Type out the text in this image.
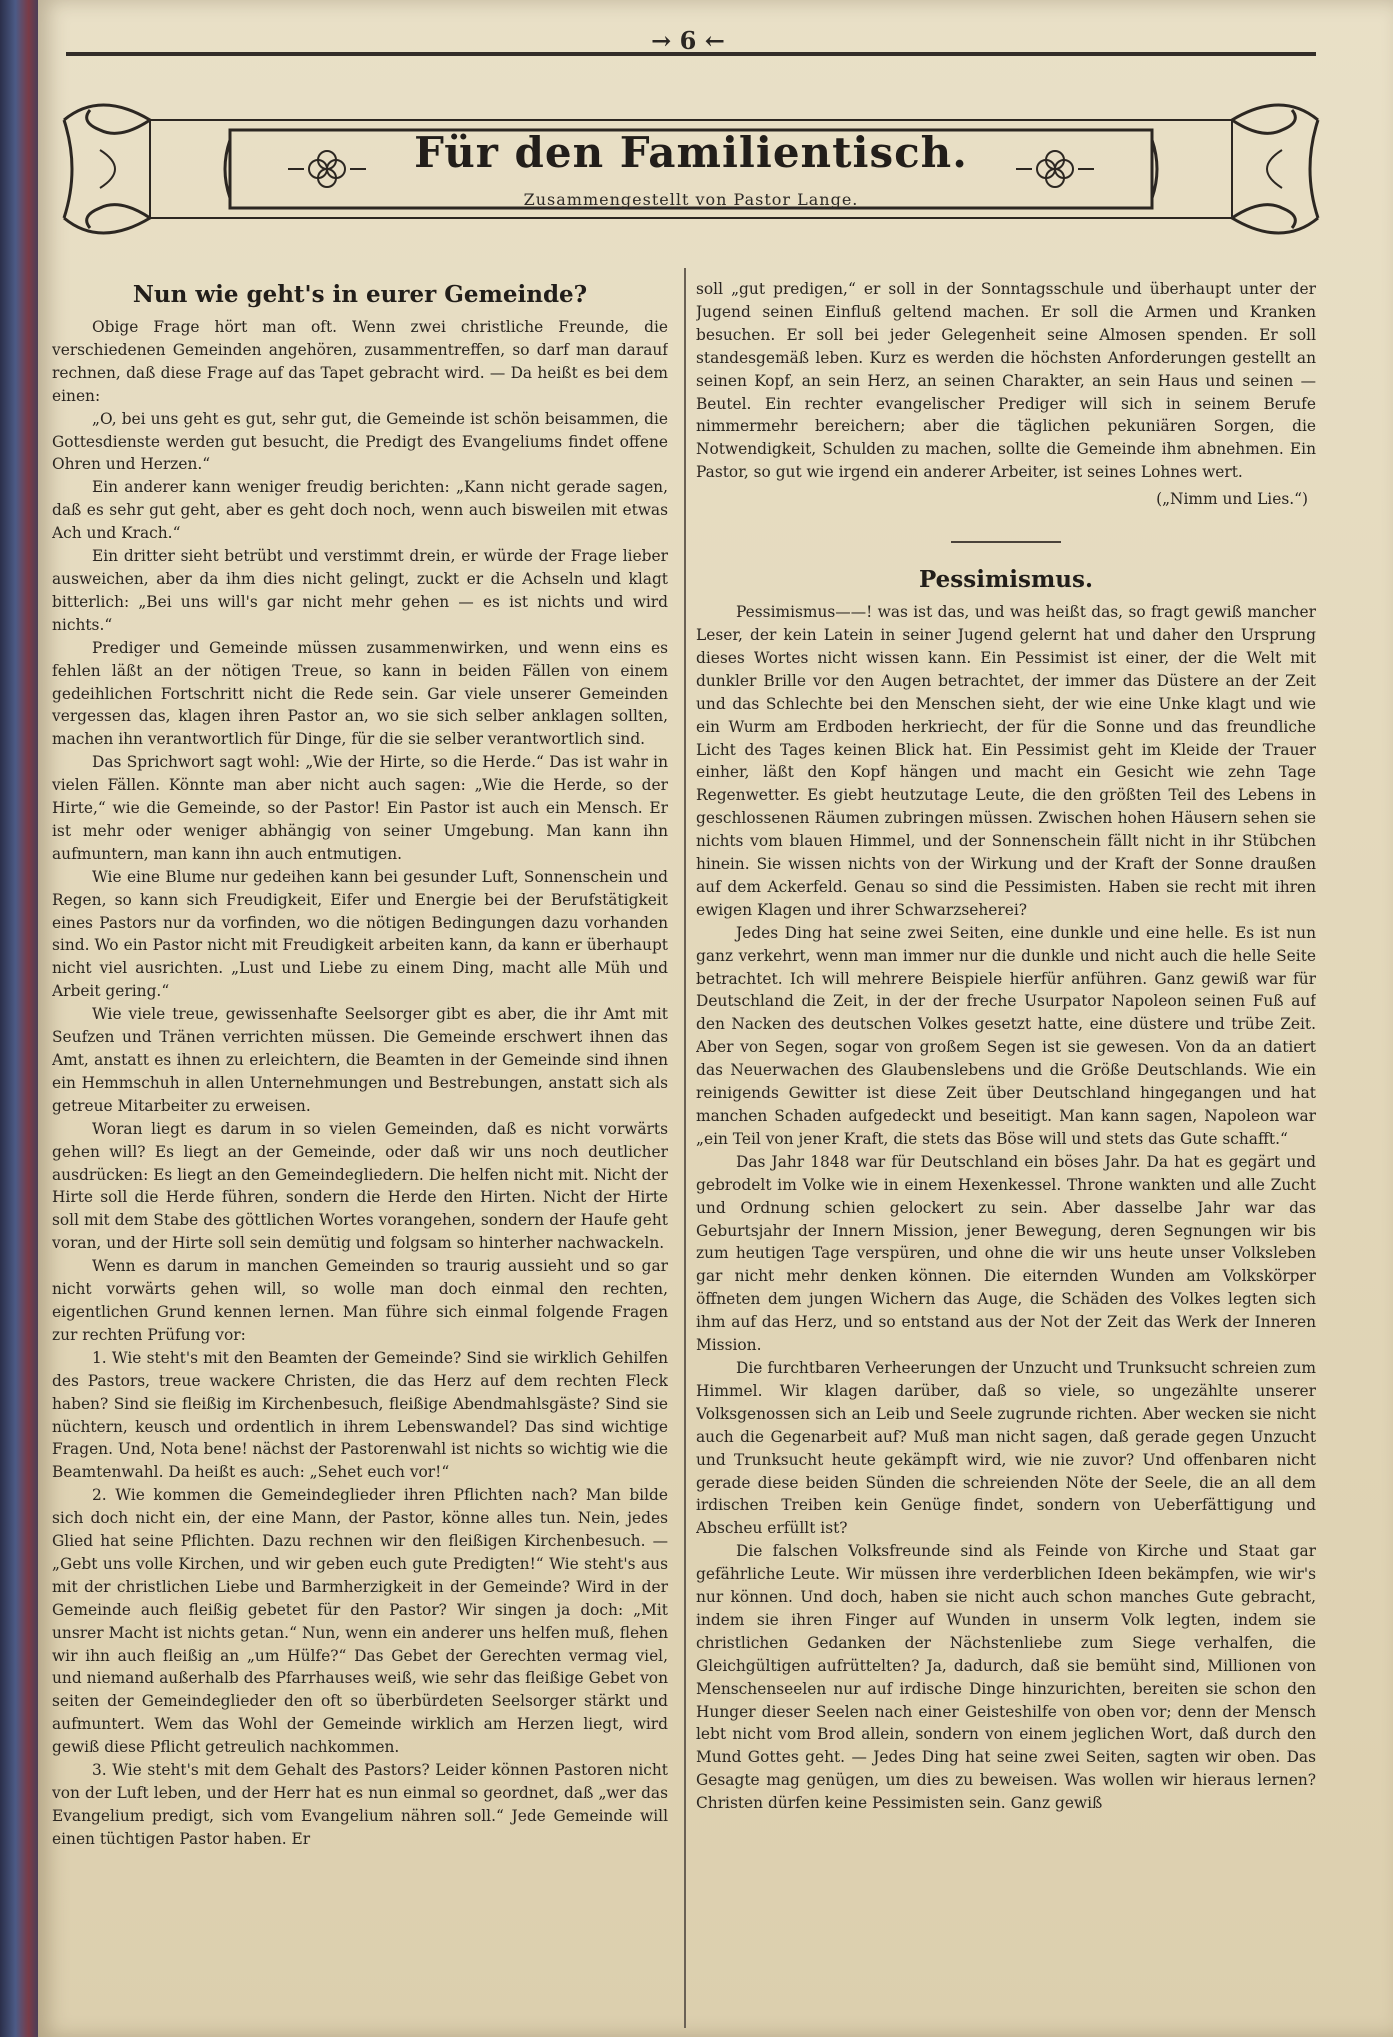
→ 6 ←
Für den Familientisch.
Zusammengestellt von Pastor Lange.
Nun wie geht's in eurer Gemeinde?

Obige Frage hört man oft. Wenn zwei christliche Freunde, die verschiedenen Gemeinden angehören, zusammentreffen, so darf man darauf rechnen, daß diese Frage auf das Tapet gebracht wird. — Da heißt es bei dem einen:

„O, bei uns geht es gut, sehr gut, die Gemeinde ist schön beisammen, die Gottesdienste werden gut besucht, die Predigt des Evangeliums findet offene Ohren und Herzen.“

Ein anderer kann weniger freudig berichten: „Kann nicht gerade sagen, daß es sehr gut geht, aber es geht doch noch, wenn auch bisweilen mit etwas Ach und Krach.“

Ein dritter sieht betrübt und verstimmt drein, er würde der Frage lieber ausweichen, aber da ihm dies nicht gelingt, zuckt er die Achseln und klagt bitterlich: „Bei uns will's gar nicht mehr gehen — es ist nichts und wird nichts.“

Prediger und Gemeinde müssen zusammenwirken, und wenn eins es fehlen läßt an der nötigen Treue, so kann in beiden Fällen von einem gedeihlichen Fortschritt nicht die Rede sein. Gar viele unserer Gemeinden vergessen das, klagen ihren Pastor an, wo sie sich selber anklagen sollten, machen ihn verantwortlich für Dinge, für die sie selber verantwortlich sind.

Das Sprichwort sagt wohl: „Wie der Hirte, so die Herde.“ Das ist wahr in vielen Fällen. Könnte man aber nicht auch sagen: „Wie die Herde, so der Hirte,“ wie die Gemeinde, so der Pastor! Ein Pastor ist auch ein Mensch. Er ist mehr oder weniger abhängig von seiner Umgebung. Man kann ihn aufmuntern, man kann ihn auch entmutigen.

Wie eine Blume nur gedeihen kann bei gesunder Luft, Sonnenschein und Regen, so kann sich Freudigkeit, Eifer und Energie bei der Berufstätigkeit eines Pastors nur da vorfinden, wo die nötigen Bedingungen dazu vorhanden sind. Wo ein Pastor nicht mit Freudigkeit arbeiten kann, da kann er überhaupt nicht viel ausrichten. „Lust und Liebe zu einem Ding, macht alle Müh und Arbeit gering.“

Wie viele treue, gewissenhafte Seelsorger gibt es aber, die ihr Amt mit Seufzen und Tränen verrichten müssen. Die Gemeinde erschwert ihnen das Amt, anstatt es ihnen zu erleichtern, die Beamten in der Gemeinde sind ihnen ein Hemmschuh in allen Unternehmungen und Bestrebungen, anstatt sich als getreue Mitarbeiter zu erweisen.

Woran liegt es darum in so vielen Gemeinden, daß es nicht vorwärts gehen will? Es liegt an der Gemeinde, oder daß wir uns noch deutlicher ausdrücken: Es liegt an den Gemeindegliedern. Die helfen nicht mit. Nicht der Hirte soll die Herde führen, sondern die Herde den Hirten. Nicht der Hirte soll mit dem Stabe des göttlichen Wortes vorangehen, sondern der Haufe geht voran, und der Hirte soll sein demütig und folgsam so hinterher nachwackeln.

Wenn es darum in manchen Gemeinden so traurig aussieht und so gar nicht vorwärts gehen will, so wolle man doch einmal den rechten, eigentlichen Grund kennen lernen. Man führe sich einmal folgende Fragen zur rechten Prüfung vor:

1. Wie steht's mit den Beamten der Gemeinde? Sind sie wirklich Gehilfen des Pastors, treue wackere Christen, die das Herz auf dem rechten Fleck haben? Sind sie fleißig im Kirchenbesuch, fleißige Abendmahlsgäste? Sind sie nüchtern, keusch und ordentlich in ihrem Lebenswandel? Das sind wichtige Fragen. Und, Nota bene! nächst der Pastorenwahl ist nichts so wichtig wie die Beamtenwahl. Da heißt es auch: „Sehet euch vor!“

2. Wie kommen die Gemeindeglieder ihren Pflichten nach? Man bilde sich doch nicht ein, der eine Mann, der Pastor, könne alles tun. Nein, jedes Glied hat seine Pflichten. Dazu rechnen wir den fleißigen Kirchenbesuch. — „Gebt uns volle Kirchen, und wir geben euch gute Predigten!“ Wie steht's aus mit der christlichen Liebe und Barmherzigkeit in der Gemeinde? Wird in der Gemeinde auch fleißig gebetet für den Pastor? Wir singen ja doch: „Mit unsrer Macht ist nichts getan.“ Nun, wenn ein anderer uns helfen muß, flehen wir ihn auch fleißig an „um Hülfe?“ Das Gebet der Gerechten vermag viel, und niemand außerhalb des Pfarrhauses weiß, wie sehr das fleißige Gebet von seiten der Gemeindeglieder den oft so überbürdeten Seelsorger stärkt und aufmuntert. Wem das Wohl der Gemeinde wirklich am Herzen liegt, wird gewiß diese Pflicht getreulich nachkommen.

3. Wie steht's mit dem Gehalt des Pastors? Leider können Pastoren nicht von der Luft leben, und der Herr hat es nun einmal so geordnet, daß „wer das Evangelium predigt, sich vom Evangelium nähren soll.“ Jede Gemeinde will einen tüchtigen Pastor haben. Er

soll „gut predigen,“ er soll in der Sonntagsschule und überhaupt unter der Jugend seinen Einfluß geltend machen. Er soll die Armen und Kranken besuchen. Er soll bei jeder Gelegenheit seine Almosen spenden. Er soll standesgemäß leben. Kurz es werden die höchsten Anforderungen gestellt an seinen Kopf, an sein Herz, an seinen Charakter, an sein Haus und seinen — Beutel. Ein rechter evangelischer Prediger will sich in seinem Berufe nimmermehr bereichern; aber die täglichen pekuniären Sorgen, die Notwendigkeit, Schulden zu machen, sollte die Gemeinde ihm abnehmen. Ein Pastor, so gut wie irgend ein anderer Arbeiter, ist seines Lohnes wert.

(„Nimm und Lies.“)
Pessimismus.

Pessimismus——! was ist das, und was heißt das, so fragt gewiß mancher Leser, der kein Latein in seiner Jugend gelernt hat und daher den Ursprung dieses Wortes nicht wissen kann. Ein Pessimist ist einer, der die Welt mit dunkler Brille vor den Augen betrachtet, der immer das Düstere an der Zeit und das Schlechte bei den Menschen sieht, der wie eine Unke klagt und wie ein Wurm am Erdboden herkriecht, der für die Sonne und das freundliche Licht des Tages keinen Blick hat. Ein Pessimist geht im Kleide der Trauer einher, läßt den Kopf hängen und macht ein Gesicht wie zehn Tage Regenwetter. Es giebt heutzutage Leute, die den größten Teil des Lebens in geschlossenen Räumen zubringen müssen. Zwischen hohen Häusern sehen sie nichts vom blauen Himmel, und der Sonnenschein fällt nicht in ihr Stübchen hinein. Sie wissen nichts von der Wirkung und der Kraft der Sonne draußen auf dem Ackerfeld. Genau so sind die Pessimisten. Haben sie recht mit ihren ewigen Klagen und ihrer Schwarzseherei?

Jedes Ding hat seine zwei Seiten, eine dunkle und eine helle. Es ist nun ganz verkehrt, wenn man immer nur die dunkle und nicht auch die helle Seite betrachtet. Ich will mehrere Beispiele hierfür anführen. Ganz gewiß war für Deutschland die Zeit, in der der freche Usurpator Napoleon seinen Fuß auf den Nacken des deutschen Volkes gesetzt hatte, eine düstere und trübe Zeit. Aber von Segen, sogar von großem Segen ist sie gewesen. Von da an datiert das Neuerwachen des Glaubenslebens und die Größe Deutschlands. Wie ein reinigends Gewitter ist diese Zeit über Deutschland hingegangen und hat manchen Schaden aufgedeckt und beseitigt. Man kann sagen, Napoleon war „ein Teil von jener Kraft, die stets das Böse will und stets das Gute schafft.“

Das Jahr 1848 war für Deutschland ein böses Jahr. Da hat es gegärt und gebrodelt im Volke wie in einem Hexenkessel. Throne wankten und alle Zucht und Ordnung schien gelockert zu sein. Aber dasselbe Jahr war das Geburtsjahr der Innern Mission, jener Bewegung, deren Segnungen wir bis zum heutigen Tage verspüren, und ohne die wir uns heute unser Volksleben gar nicht mehr denken können. Die eiternden Wunden am Volkskörper öffneten dem jungen Wichern das Auge, die Schäden des Volkes legten sich ihm auf das Herz, und so entstand aus der Not der Zeit das Werk der Inneren Mission.

Die furchtbaren Verheerungen der Unzucht und Trunksucht schreien zum Himmel. Wir klagen darüber, daß so viele, so ungezählte unserer Volksgenossen sich an Leib und Seele zugrunde richten. Aber wecken sie nicht auch die Gegenarbeit auf? Muß man nicht sagen, daß gerade gegen Unzucht und Trunksucht heute gekämpft wird, wie nie zuvor? Und offenbaren nicht gerade diese beiden Sünden die schreienden Nöte der Seele, die an all dem irdischen Treiben kein Genüge findet, sondern von Ueberfättigung und Abscheu erfüllt ist?

Die falschen Volksfreunde sind als Feinde von Kirche und Staat gar gefährliche Leute. Wir müssen ihre verderblichen Ideen bekämpfen, wie wir's nur können. Und doch, haben sie nicht auch schon manches Gute gebracht, indem sie ihren Finger auf Wunden in unserm Volk legten, indem sie christlichen Gedanken der Nächstenliebe zum Siege verhalfen, die Gleichgültigen aufrüttelten? Ja, dadurch, daß sie bemüht sind, Millionen von Menschenseelen nur auf irdische Dinge hinzurichten, bereiten sie schon den Hunger dieser Seelen nach einer Geisteshilfe von oben vor; denn der Mensch lebt nicht vom Brod allein, sondern von einem jeglichen Wort, daß durch den Mund Gottes geht. — Jedes Ding hat seine zwei Seiten, sagten wir oben. Das Gesagte mag genügen, um dies zu beweisen. Was wollen wir hieraus lernen? Christen dürfen keine Pessimisten sein. Ganz gewiß
